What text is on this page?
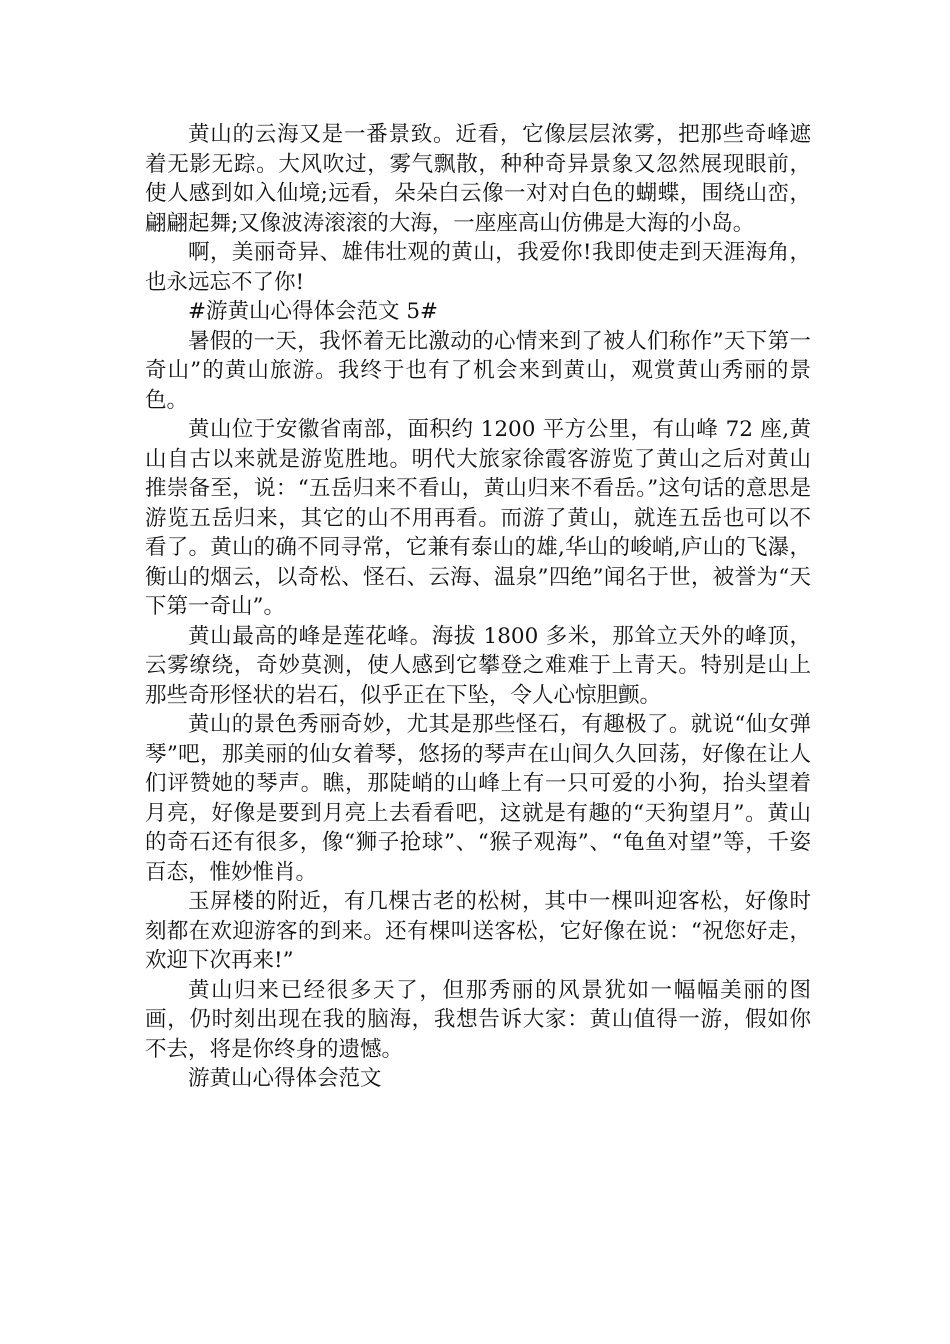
黄山的云海又是一番景致。近看，它像层层浓雾，把那些奇峰遮着无影无踪。大风吹过，雾气飘散，种种奇异景象又忽然展现眼前，使人感到如入仙境;远看，朵朵白云像一对对白色的蝴蝶，围绕山峦，翩翩起舞;又像波涛滚滚的大海，一座座高山仿佛是大海的小岛。

啊，美丽奇异、雄伟壮观的黄山，我爱你!我即使走到天涯海角，也永远忘不了你!

#游黄山心得体会范文 5#

暑假的一天，我怀着无比激动的心情来到了被人们称作”天下第一奇山”的黄山旅游。我终于也有了机会来到黄山，观赏黄山秀丽的景色。

黄山位于安徽省南部，面积约 1200 平方公里，有山峰 72 座,黄山自古以来就是游览胜地。明代大旅家徐霞客游览了黄山之后对黄山推崇备至，说：“五岳归来不看山，黄山归来不看岳。”这句话的意思是游览五岳归来，其它的山不用再看。而游了黄山，就连五岳也可以不看了。黄山的确不同寻常，它兼有泰山的雄,华山的峻峭,庐山的飞瀑，衡山的烟云，以奇松、怪石、云海、温泉”四绝”闻名于世，被誉为“天下第一奇山”。

黄山最高的峰是莲花峰。海拔 1800 多米，那耸立天外的峰顶，云雾缭绕，奇妙莫测，使人感到它攀登之难难于上青天。特别是山上那些奇形怪状的岩石，似乎正在下坠，令人心惊胆颤。

黄山的景色秀丽奇妙，尤其是那些怪石，有趣极了。就说“仙女弹琴”吧，那美丽的仙女着琴，悠扬的琴声在山间久久回荡，好像在让人们评赞她的琴声。瞧，那陡峭的山峰上有一只可爱的小狗，抬头望着月亮，好像是要到月亮上去看看吧，这就是有趣的“天狗望月”。黄山的奇石还有很多，像“狮子抢球”、“猴子观海”、“龟鱼对望”等，千姿百态，惟妙惟肖。

玉屏楼的附近，有几棵古老的松树，其中一棵叫迎客松，好像时刻都在欢迎游客的到来。还有棵叫送客松，它好像在说：“祝您好走，欢迎下次再来!”

黄山归来已经很多天了，但那秀丽的风景犹如一幅幅美丽的图画，仍时刻出现在我的脑海，我想告诉大家：黄山值得一游，假如你不去，将是你终身的遗憾。

游黄山心得体会范文
